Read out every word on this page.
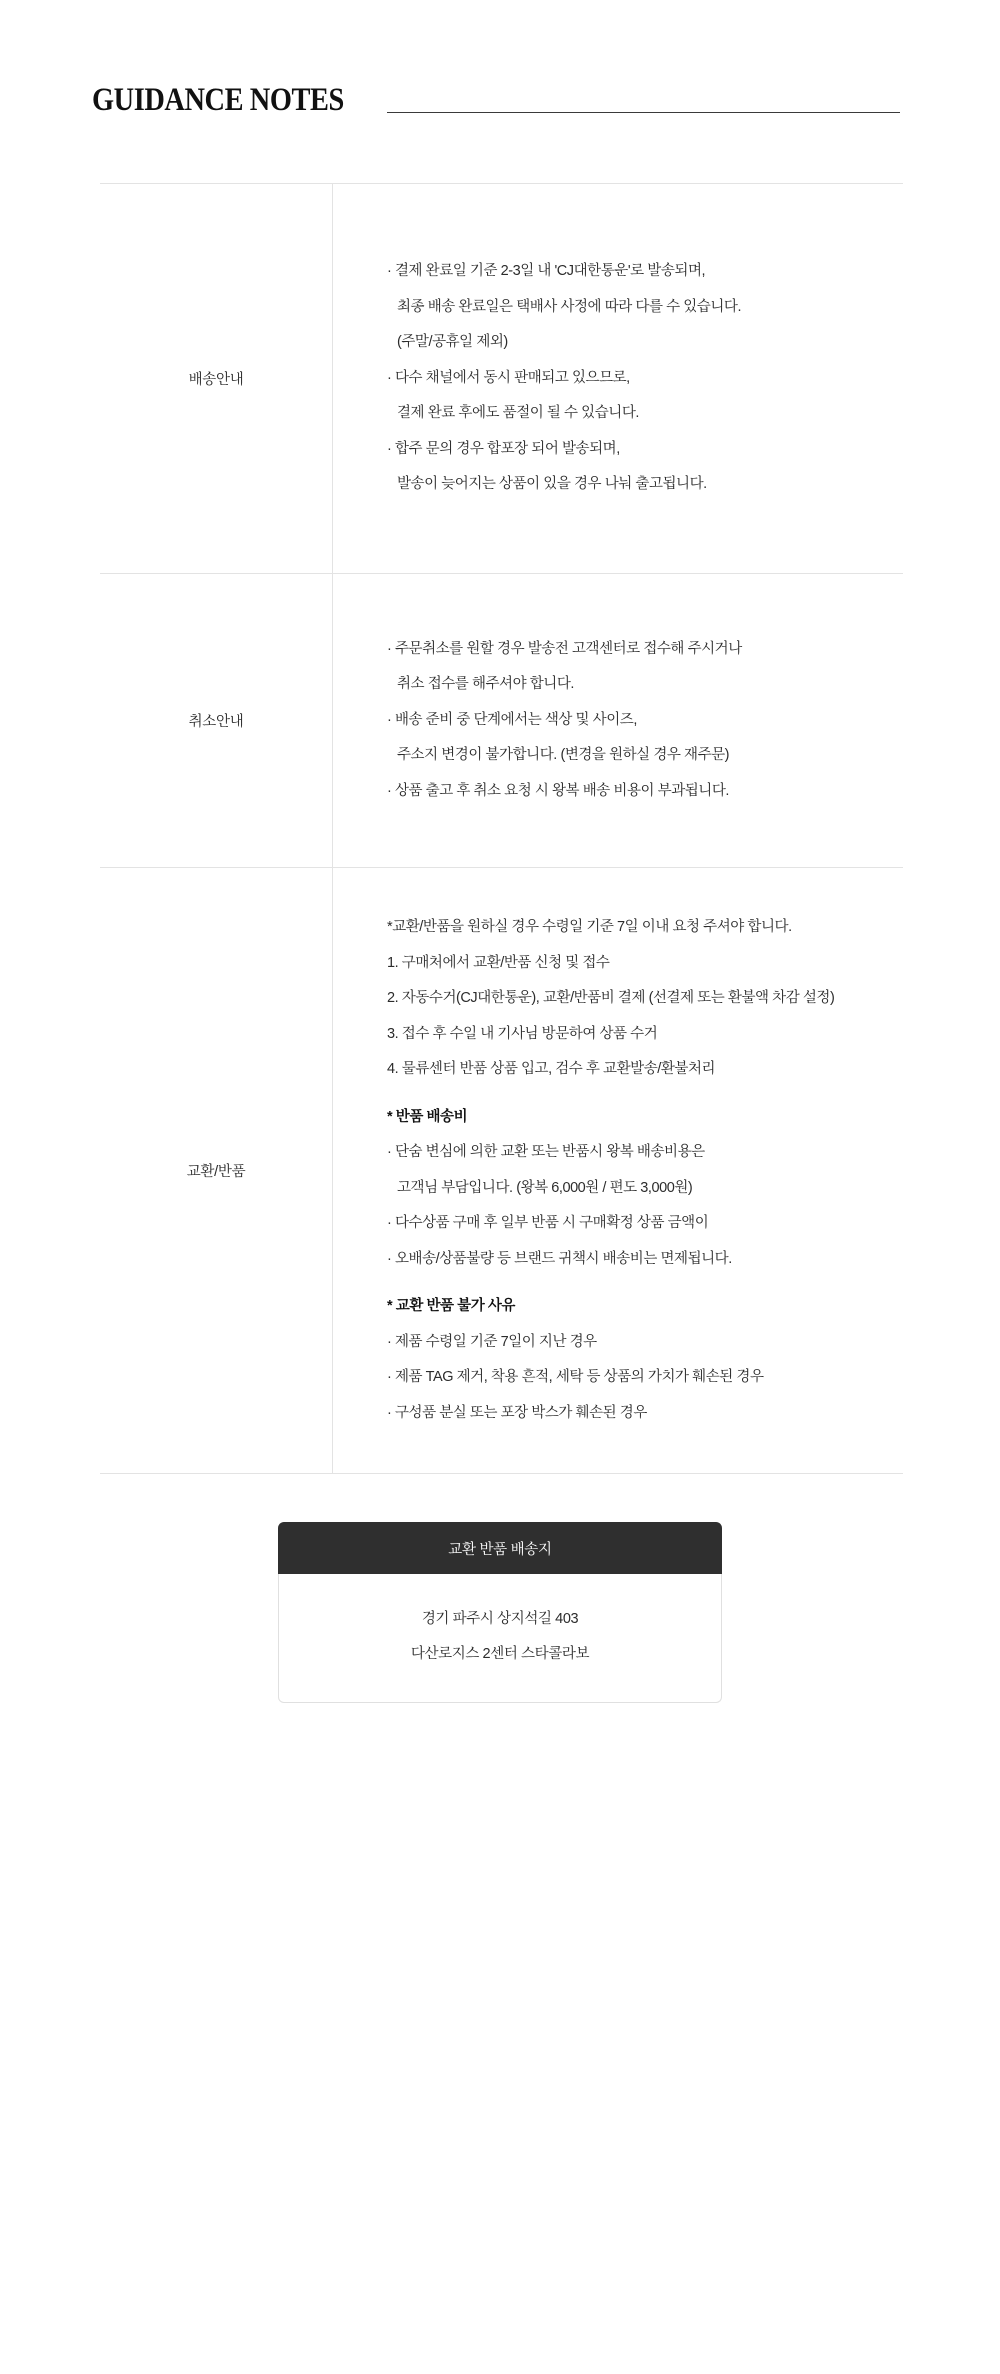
GUIDANCE NOTES
배송안내
· 결제 완료일 기준 2-3일 내 'CJ대한통운'로 발송되며,
최종 배송 완료일은 택배사 사정에 따라 다를 수 있습니다.
(주말/공휴일 제외)
· 다수 채널에서 동시 판매되고 있으므로,
결제 완료 후에도 품절이 될 수 있습니다.
· 합주 문의 경우 합포장 되어 발송되며,
발송이 늦어지는 상품이 있을 경우 나눠 출고됩니다.
취소안내
· 주문취소를 원할 경우 발송전 고객센터로 접수해 주시거나
취소 접수를 해주셔야 합니다.
· 배송 준비 중 단계에서는 색상 및 사이즈,
주소지 변경이 불가합니다. (변경을 원하실 경우 재주문)
· 상품 출고 후 취소 요청 시 왕복 배송 비용이 부과됩니다.
교환/반품
*교환/반품을 원하실 경우 수령일 기준 7일 이내 요청 주셔야 합니다.
1. 구매처에서 교환/반품 신청 및 접수
2. 자동수거(CJ대한통운), 교환/반품비 결제 (선결제 또는 환불액 차감 설정)
3. 접수 후 수일 내 기사님 방문하여 상품 수거
4. 물류센터 반품 상품 입고, 검수 후 교환발송/환불처리
* 반품 배송비
· 단숨 변심에 의한 교환 또는 반품시 왕복 배송비용은
고객님 부담입니다. (왕복 6,000원 / 편도 3,000원)
· 다수상품 구매 후 일부 반품 시 구매확정 상품 금액이
· 오배송/상품불량 등 브랜드 귀책시 배송비는 면제됩니다.
* 교환 반품 불가 사유
· 제품 수령일 기준 7일이 지난 경우
· 제품 TAG 제거, 착용 흔적, 세탁 등 상품의 가치가 훼손된 경우
· 구성품 분실 또는 포장 박스가 훼손된 경우
교환 반품 배송지
경기 파주시 상지석길 403
다산로지스 2센터 스타콜라보
